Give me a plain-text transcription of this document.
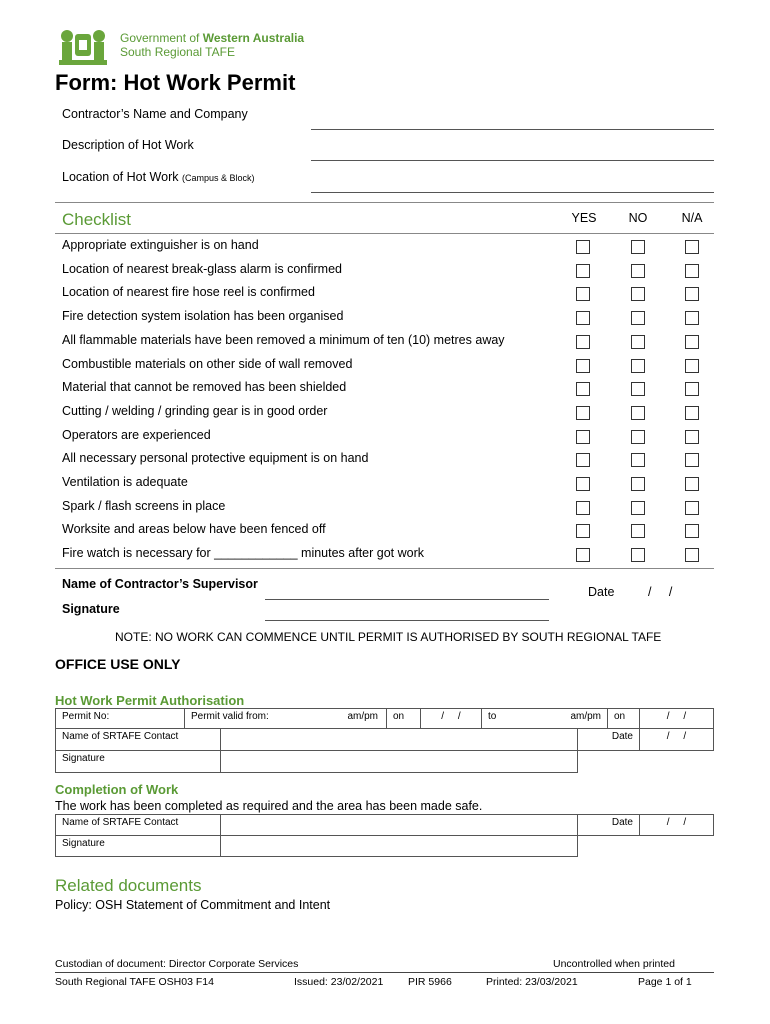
Government of Western Australia
South Regional TAFE
Form: Hot Work Permit
Contractor’s Name and Company
Description of Hot Work
Location of Hot Work (Campus & Block)
Checklist	YES	NO	N/A
Appropriate extinguisher is on hand
Location of nearest break-glass alarm is confirmed
Location of nearest fire hose reel is confirmed
Fire detection system isolation has been organised
All flammable materials have been removed a minimum of ten (10) metres away
Combustible materials on other side of wall removed
Material that cannot be removed has been shielded
Cutting / welding / grinding gear is in good order
Operators are experienced
All necessary personal protective equipment is on hand
Ventilation is adequate
Spark / flash screens in place
Worksite and areas below have been fenced off
Fire watch is necessary for ____________ minutes after got work
Name of Contractor’s Supervisor
Signature
Date	/     /
NOTE: NO WORK CAN COMMENCE UNTIL PERMIT IS AUTHORISED BY SOUTH REGIONAL TAFE
OFFICE USE ONLY
Hot Work Permit Authorisation
Permit No:	Permit valid from:	am/pm	on	/     /	to	am/pm	on	/     /
Name of SRTAFE Contact	Date	/     /
Signature
Completion of Work
The work has been completed as required and the area has been made safe.
Name of SRTAFE Contact	Date	/     /
Signature
Related documents
Policy: OSH Statement of Commitment and Intent
Custodian of document: Director Corporate Services	Uncontrolled when printed
South Regional TAFE OSH03 F14	Issued: 23/02/2021 PIR 5966	Printed: 23/03/2021	Page 1 of 1
